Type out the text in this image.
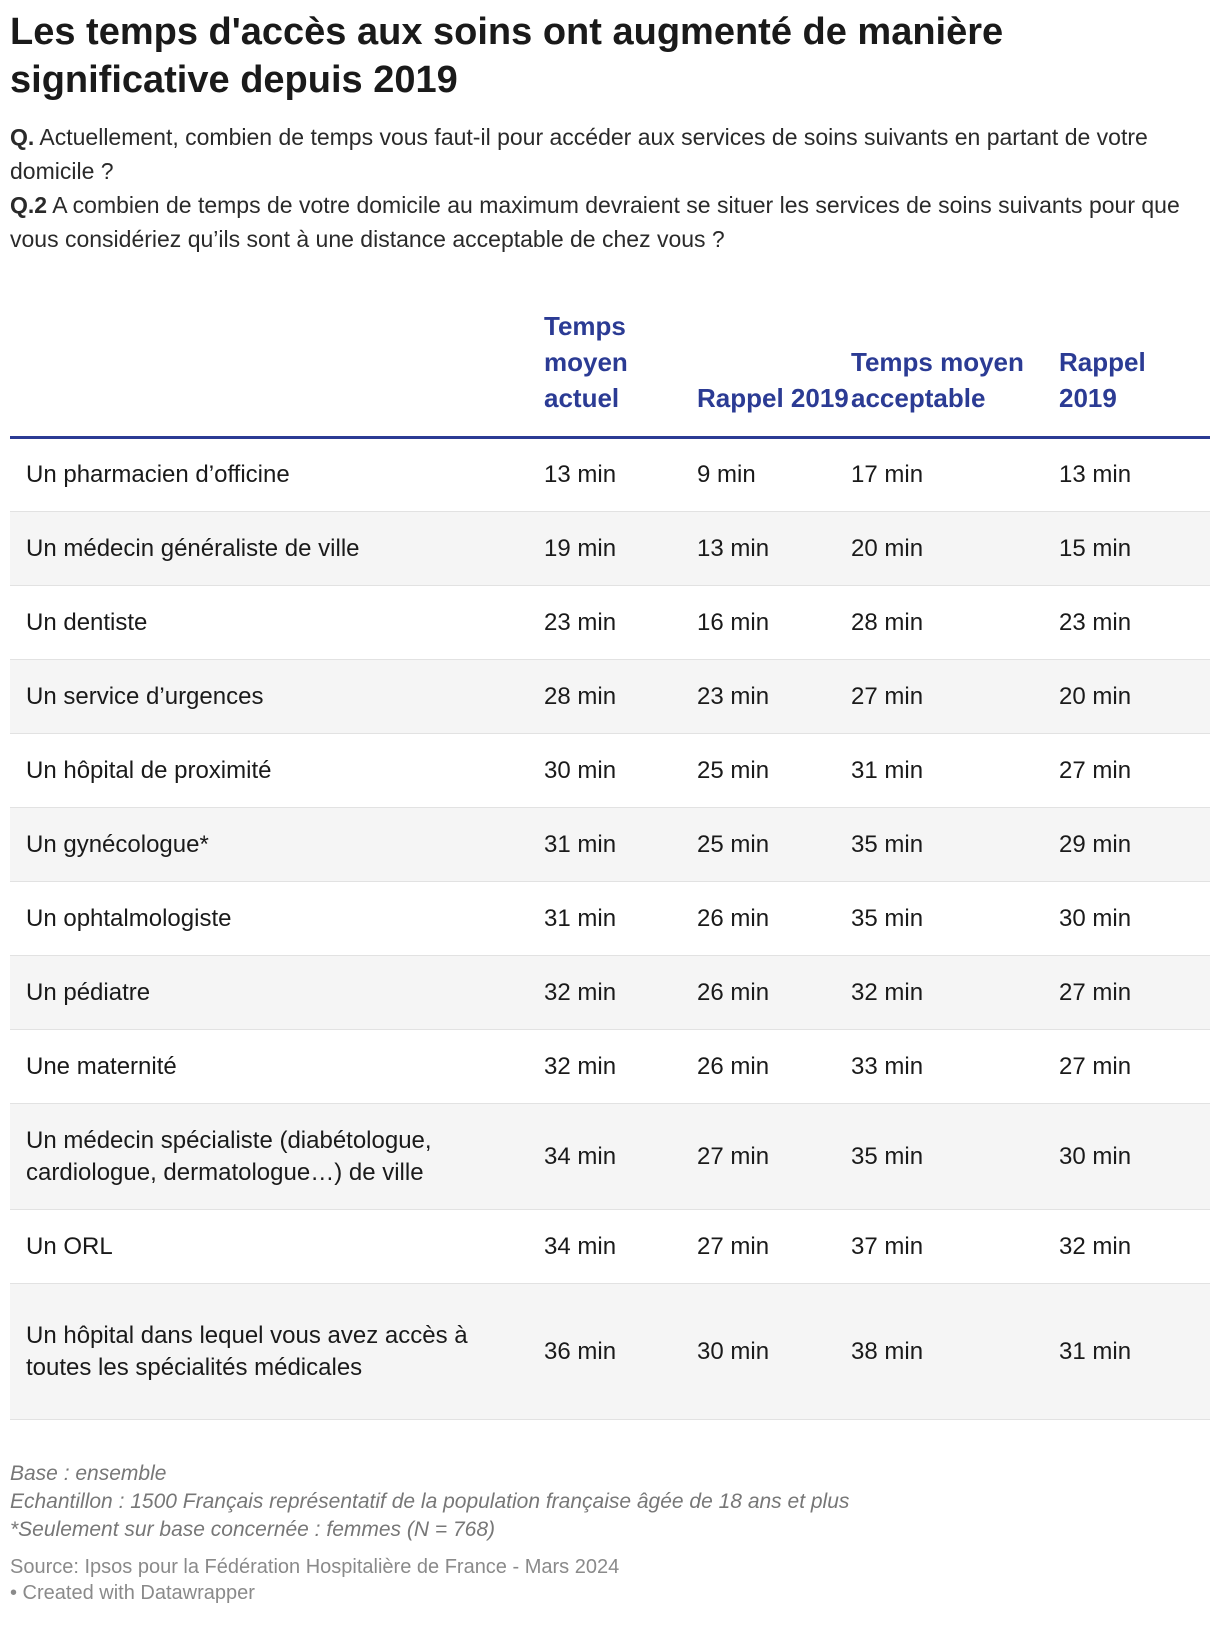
Les temps d'accès aux soins ont augmenté de manière significative depuis 2019

Q. Actuellement, combien de temps vous faut-il pour accéder aux services de soins suivants en partant de votre domicile ?

Q.2 A combien de temps de votre domicile au maximum devraient se situer les services de soins suivants pour que vous considériez qu’ils sont à une distance acceptable de chez vous ?

	Temps moyen actuel	Rappel 2019	Temps moyen acceptable	Rappel 2019
Un pharmacien d’officine	13 min	9 min	17 min	13 min
Un médecin généraliste de ville	19 min	13 min	20 min	15 min
Un dentiste	23 min	16 min	28 min	23 min
Un service d’urgences	28 min	23 min	27 min	20 min
Un hôpital de proximité	30 min	25 min	31 min	27 min
Un gynécologue*	31 min	25 min	35 min	29 min
Un ophtalmologiste	31 min	26 min	35 min	30 min
Un pédiatre	32 min	26 min	32 min	27 min
Une maternité	32 min	26 min	33 min	27 min
Un médecin spécialiste (diabétologue, cardiologue, dermatologue…) de ville	34 min	27 min	35 min	30 min
Un ORL	34 min	27 min	37 min	32 min
Un hôpital dans lequel vous avez accès à toutes les spécialités médicales	36 min	30 min	38 min	31 min
Base : ensemble
Echantillon : 1500 Français représentatif de la population française âgée de 18 ans et plus
*Seulement sur base concernée : femmes (N = 768)
Source: Ipsos pour la Fédération Hospitalière de France - Mars 2024
• Created with Datawrapper
